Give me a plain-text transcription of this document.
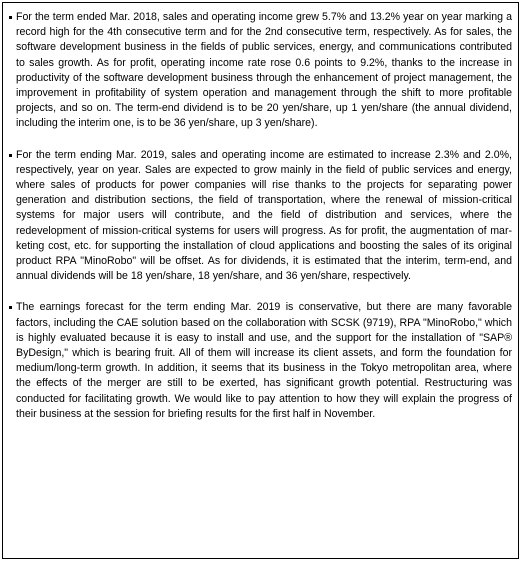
For the term ended Mar. 2018, sales and operating income grew 5.7% and 13.2% year on year marking a record high for the 4th consecutive term and for the 2nd consecutive term, respectively. As for sales, the software development business in the fields of public services, energy, and communications contributed to sales growth. As for profit, operating income rate rose 0.6 points to 9.2%, thanks to the increase in productivity of the software development business through the enhancement of project management, the improvement in profitability of system operation and management through the shift to more profitable projects, and so on. The term-end dividend is to be 20 yen/share, up 1 yen/share (the annual dividend, including the interim one, is to be 36 yen/share, up 3 yen/share).
For the term ending Mar. 2019, sales and operating income are estimated to increase 2.3% and 2.0%, respectively, year on year. Sales are expected to grow mainly in the field of public services and energy, where sales of products for power companies will rise thanks to the projects for separating power generation and distribution sections, the field of transportation, where the renewal of mission-critical systems for major users will contribute, and the field of distribution and services, where the redevelopment of mission-critical systems for users will progress. As for profit, the augmentation of marketing cost, etc. for supporting the installation of cloud applications and boosting the sales of its original product RPA "MinoRobo" will be offset. As for dividends, it is estimated that the interim, term-end, and annual dividends will be 18 yen/share, 18 yen/share, and 36 yen/share, respectively.
The earnings forecast for the term ending Mar. 2019 is conservative, but there are many favorable factors, including the CAE solution based on the collaboration with SCSK (9719), RPA "MinoRobo," which is highly evaluated because it is easy to install and use, and the support for the installation of "SAP® ByDesign," which is bearing fruit. All of them will increase its client assets, and form the foundation for medium/long-term growth. In addition, it seems that its business in the Tokyo metropolitan area, where the effects of the merger are still to be exerted, has significant growth potential. Restructuring was conducted for facilitating growth. We would like to pay attention to how they will explain the progress of their business at the session for briefing results for the first half in November.
